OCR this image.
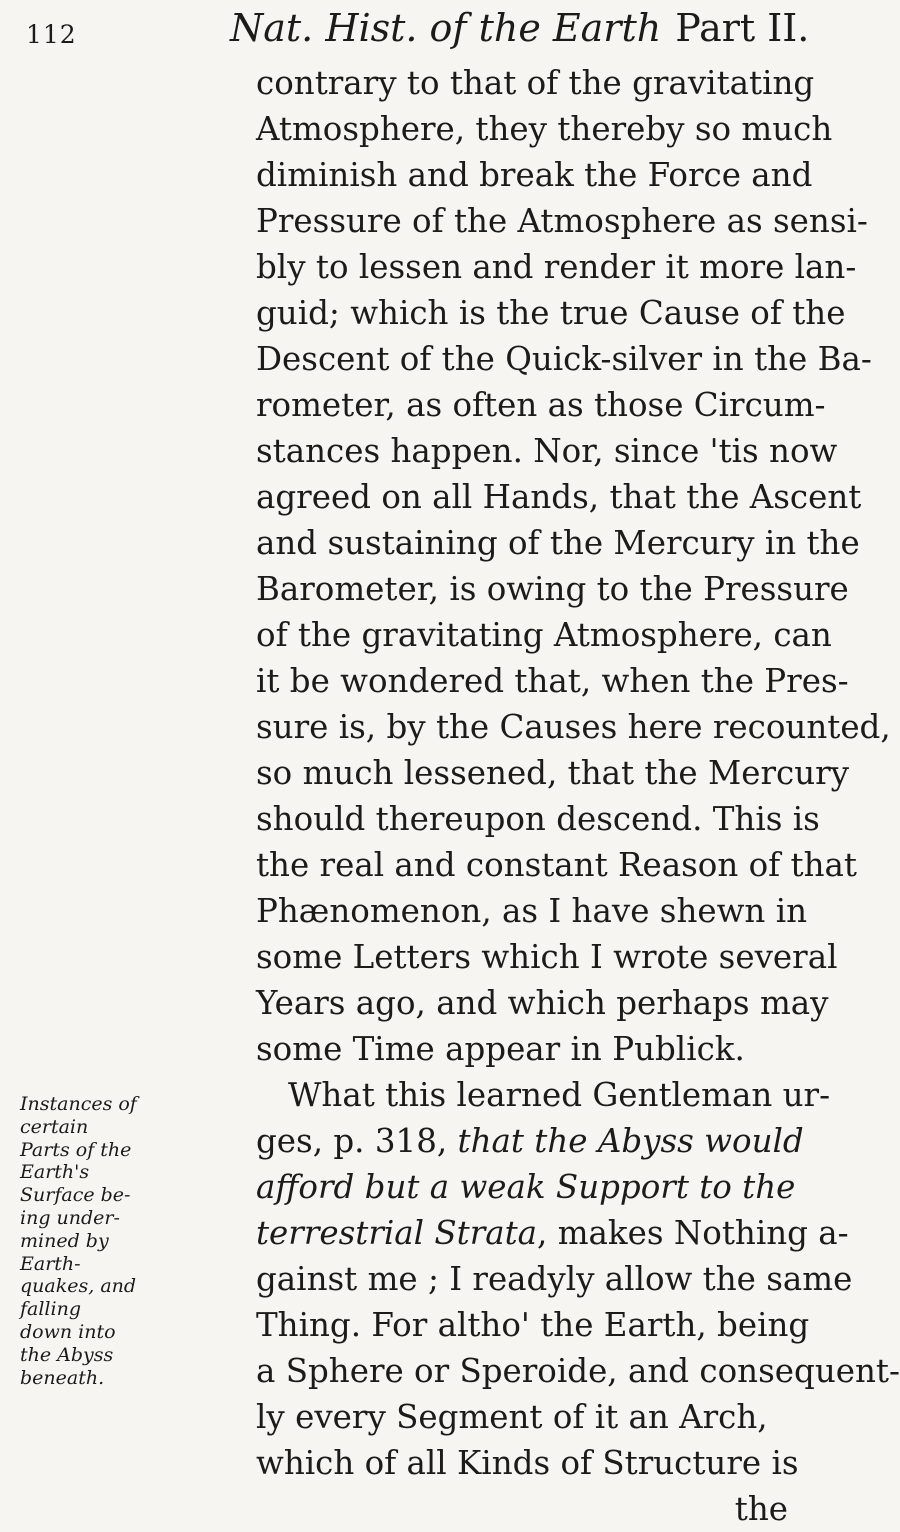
112	Nat. Hist. of the Earth Part II.
contrary to that of the gravitating
Atmosphere, they thereby so much
diminish and break the Force and
Pressure of the Atmosphere as sensi-
bly to lessen and render it more lan-
guid; which is the true Cause of the
Descent of the Quick-silver in the Ba-
rometer, as often as those Circum-
stances happen. Nor, since 'tis now
agreed on all Hands, that the Ascent
and sustaining of the Mercury in the
Barometer, is owing to the Pressure
of the gravitating Atmosphere, can
it be wondered that, when the Pres-
sure is, by the Causes here recounted,
so much lessened, that the Mercury
should thereupon descend. This is
the real and constant Reason of that
Phænomenon, as I have shewn in
some Letters which I wrote several
Years ago, and which perhaps may
some Time appear in Publick.
What this learned Gentleman ur-
ges, p. 318, that the Abyss would
afford but a weak Support to the
terrestrial Strata, makes Nothing a-
gainst me ; I readyly allow the same
Thing. For altho' the Earth, being
a Sphere or Speroide, and consequent-
ly every Segment of it an Arch,
which of all Kinds of Structure is
the
Instances of
certain
Parts of the
Earth's
Surface be-
ing under-
mined by
Earth-
quakes, and
falling
down into
the Abyss
beneath.
